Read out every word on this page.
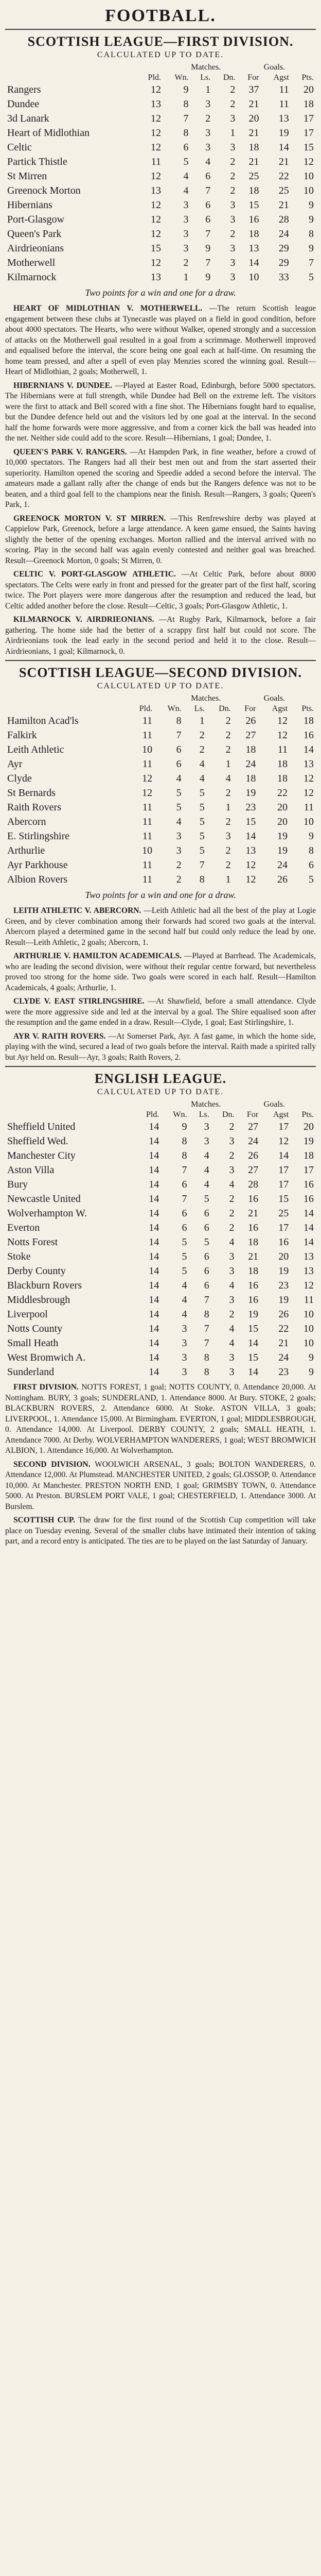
FOOTBALL.
SCOTTISH LEAGUE—FIRST DIVISION.
CALCULATED UP TO DATE.
Matches.	Goals.
	Pld.	Wn.	Ls.	Dn.	For	Agst	Pts.
Rangers	12	9	1	2	37	11	20
Dundee	13	8	3	2	21	11	18
3d Lanark	12	7	2	3	20	13	17
Heart of Midlothian	12	8	3	1	21	19	17
Celtic	12	6	3	3	18	14	15
Partick Thistle	11	5	4	2	21	21	12
St Mirren	12	4	6	2	25	22	10
Greenock Morton	13	4	7	2	18	25	10
Hibernians	12	3	6	3	15	21	9
Port-Glasgow	12	3	6	3	16	28	9
Queen's Park	12	3	7	2	18	24	8
Airdrieonians	15	3	9	3	13	29	9
Motherwell	12	2	7	3	14	29	7
Kilmarnock	13	1	9	3	10	33	5
Two points for a win and one for a draw.

HEART OF MIDLOTHIAN V. MOTHERWELL. —The return Scottish league engagement between these clubs at Tynecastle was played on a field in good condition, before about 4000 spectators. The Hearts, who were without Walker, opened strongly and a succession of attacks on the Motherwell goal resulted in a goal from a scrimmage. Motherwell improved and equalised before the interval, the score being one goal each at half-time. On resuming the home team pressed, and after a spell of even play Menzies scored the winning goal. Result—Heart of Midlothian, 2 goals; Motherwell, 1.

HIBERNIANS V. DUNDEE. —Played at Easter Road, Edinburgh, before 5000 spectators. The Hibernians were at full strength, while Dundee had Bell on the extreme left. The visitors were the first to attack and Bell scored with a fine shot. The Hibernians fought hard to equalise, but the Dundee defence held out and the visitors led by one goal at the interval. In the second half the home forwards were more aggressive, and from a corner kick the ball was headed into the net. Neither side could add to the score. Result—Hibernians, 1 goal; Dundee, 1.

QUEEN'S PARK V. RANGERS. —At Hampden Park, in fine weather, before a crowd of 10,000 spectators. The Rangers had all their best men out and from the start asserted their superiority. Hamilton opened the scoring and Speedie added a second before the interval. The amateurs made a gallant rally after the change of ends but the Rangers defence was not to be beaten, and a third goal fell to the champions near the finish. Result—Rangers, 3 goals; Queen's Park, 1.

GREENOCK MORTON V. ST MIRREN. —This Renfrewshire derby was played at Cappielow Park, Greenock, before a large attendance. A keen game ensued, the Saints having slightly the better of the opening exchanges. Morton rallied and the interval arrived with no scoring. Play in the second half was again evenly contested and neither goal was breached. Result—Greenock Morton, 0 goals; St Mirren, 0.

CELTIC V. PORT-GLASGOW ATHLETIC. —At Celtic Park, before about 8000 spectators. The Celts were early in front and pressed for the greater part of the first half, scoring twice. The Port players were more dangerous after the resumption and reduced the lead, but Celtic added another before the close. Result—Celtic, 3 goals; Port-Glasgow Athletic, 1.

KILMARNOCK V. AIRDRIEONIANS. —At Rugby Park, Kilmarnock, before a fair gathering. The home side had the better of a scrappy first half but could not score. The Airdrieonians took the lead early in the second period and held it to the close. Result—Airdrieonians, 1 goal; Kilmarnock, 0.

SCOTTISH LEAGUE—SECOND DIVISION.
CALCULATED UP TO DATE.
Matches.	Goals.
	Pld.	Wn.	Ls.	Dn.	For	Agst	Pts.
Hamilton Acad'ls	11	8	1	2	26	12	18
Falkirk	11	7	2	2	27	12	16
Leith Athletic	10	6	2	2	18	11	14
Ayr	11	6	4	1	24	18	13
Clyde	12	4	4	4	18	18	12
St Bernards	12	5	5	2	19	22	12
Raith Rovers	11	5	5	1	23	20	11
Abercorn	11	4	5	2	15	20	10
E. Stirlingshire	11	3	5	3	14	19	9
Arthurlie	10	3	5	2	13	19	8
Ayr Parkhouse	11	2	7	2	12	24	6
Albion Rovers	11	2	8	1	12	26	5
Two points for a win and one for a draw.

LEITH ATHLETIC V. ABERCORN. —Leith Athletic had all the best of the play at Logie Green, and by clever combination among their forwards had scored two goals at the interval. Abercorn played a determined game in the second half but could only reduce the lead by one. Result—Leith Athletic, 2 goals; Abercorn, 1.

ARTHURLIE V. HAMILTON ACADEMICALS. —Played at Barrhead. The Academicals, who are leading the second division, were without their regular centre forward, but nevertheless proved too strong for the home side. Two goals were scored in each half. Result—Hamilton Academicals, 4 goals; Arthurlie, 1.

CLYDE V. EAST STIRLINGSHIRE. —At Shawfield, before a small attendance. Clyde were the more aggressive side and led at the interval by a goal. The Shire equalised soon after the resumption and the game ended in a draw. Result—Clyde, 1 goal; East Stirlingshire, 1.

AYR V. RAITH ROVERS. —At Somerset Park, Ayr. A fast game, in which the home side, playing with the wind, secured a lead of two goals before the interval. Raith made a spirited rally but Ayr held on. Result—Ayr, 3 goals; Raith Rovers, 2.

ENGLISH LEAGUE.
CALCULATED UP TO DATE.
Matches.	Goals.
	Pld.	Wn.	Ls.	Dn.	For	Agst	Pts.
Sheffield United	14	9	3	2	27	17	20
Sheffield Wed.	14	8	3	3	24	12	19
Manchester City	14	8	4	2	26	14	18
Aston Villa	14	7	4	3	27	17	17
Bury	14	6	4	4	28	17	16
Newcastle United	14	7	5	2	16	15	16
Wolverhampton W.	14	6	6	2	21	25	14
Everton	14	6	6	2	16	17	14
Notts Forest	14	5	5	4	18	16	14
Stoke	14	5	6	3	21	20	13
Derby County	14	5	6	3	18	19	13
Blackburn Rovers	14	4	6	4	16	23	12
Middlesbrough	14	4	7	3	16	19	11
Liverpool	14	4	8	2	19	26	10
Notts County	14	3	7	4	15	22	10
Small Heath	14	3	7	4	14	21	10
West Bromwich A.	14	3	8	3	15	24	9
Sunderland	14	3	8	3	14	23	9

FIRST DIVISION. NOTTS FOREST, 1 goal; NOTTS COUNTY, 0. Attendance 20,000. At Nottingham. BURY, 3 goals; SUNDERLAND, 1. Attendance 8000. At Bury. STOKE, 2 goals; BLACKBURN ROVERS, 2. Attendance 6000. At Stoke. ASTON VILLA, 3 goals; LIVERPOOL, 1. Attendance 15,000. At Birmingham. EVERTON, 1 goal; MIDDLESBROUGH, 0. Attendance 14,000. At Liverpool. DERBY COUNTY, 2 goals; SMALL HEATH, 1. Attendance 7000. At Derby. WOLVERHAMPTON WANDERERS, 1 goal; WEST BROMWICH ALBION, 1. Attendance 16,000. At Wolverhampton.

SECOND DIVISION. WOOLWICH ARSENAL, 3 goals; BOLTON WANDERERS, 0. Attendance 12,000. At Plumstead. MANCHESTER UNITED, 2 goals; GLOSSOP, 0. Attendance 10,000. At Manchester. PRESTON NORTH END, 1 goal; GRIMSBY TOWN, 0. Attendance 5000. At Preston. BURSLEM PORT VALE, 1 goal; CHESTERFIELD, 1. Attendance 3000. At Burslem.

SCOTTISH CUP. The draw for the first round of the Scottish Cup competition will take place on Tuesday evening. Several of the smaller clubs have intimated their intention of taking part, and a record entry is anticipated. The ties are to be played on the last Saturday of January.
